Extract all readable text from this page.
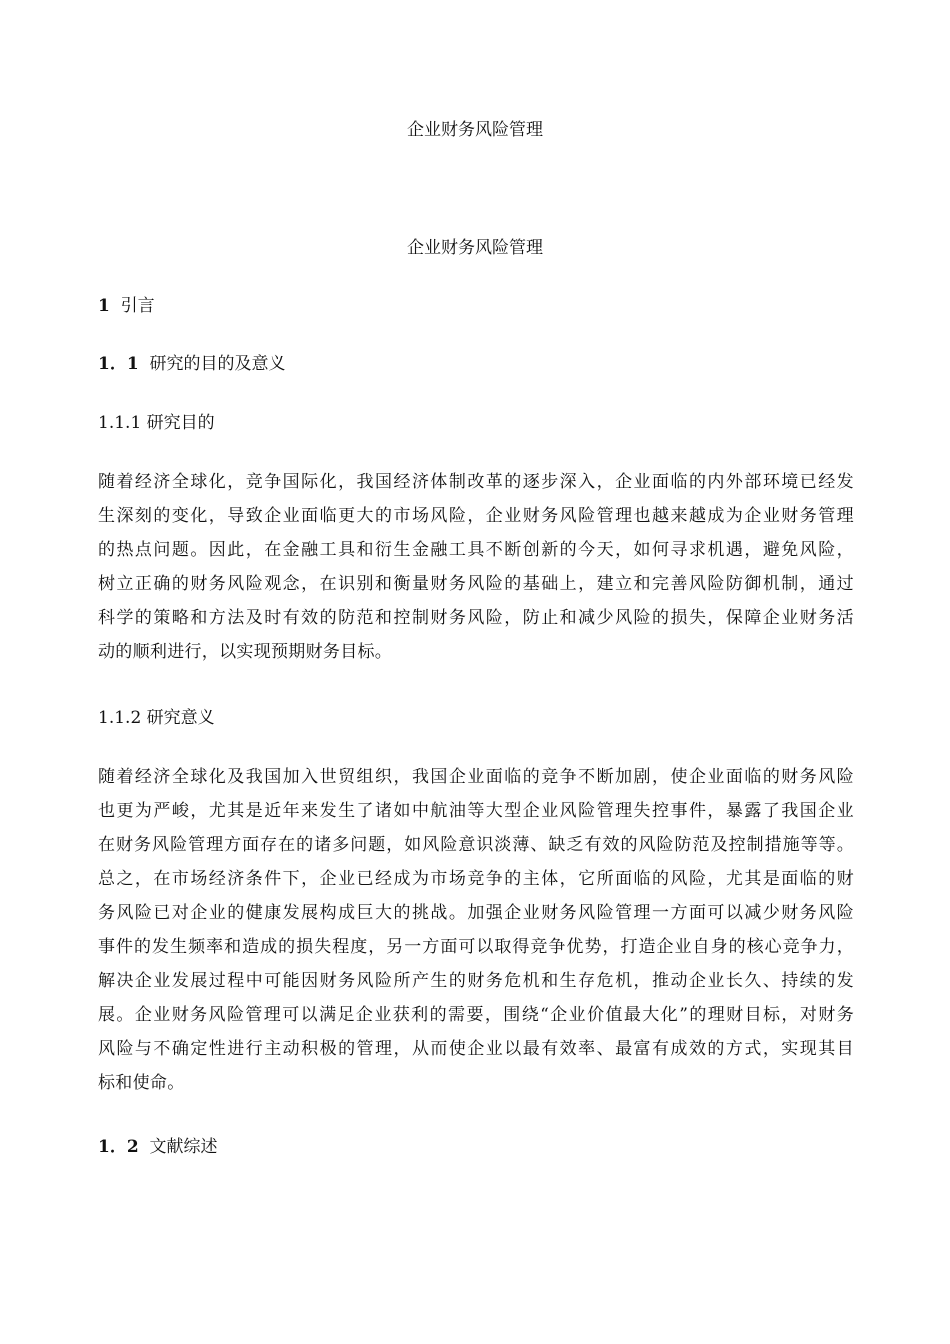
企业财务风险管理
企业财务风险管理
1 引言
1．1 研究的目的及意义
1.1.1 研究目的
随着经济全球化，竞争国际化，我国经济体制改革的逐步深入，企业面临的内外部环境已经发
生深刻的变化，导致企业面临更大的市场风险，企业财务风险管理也越来越成为企业财务管理
的热点问题。因此，在金融工具和衍生金融工具不断创新的今天，如何寻求机遇，避免风险，
树立正确的财务风险观念，在识别和衡量财务风险的基础上，建立和完善风险防御机制，通过
科学的策略和方法及时有效的防范和控制财务风险，防止和减少风险的损失，保障企业财务活
动的顺利进行，以实现预期财务目标。
1.1.2 研究意义
随着经济全球化及我国加入世贸组织，我国企业面临的竞争不断加剧，使企业面临的财务风险
也更为严峻，尤其是近年来发生了诸如中航油等大型企业风险管理失控事件，暴露了我国企业
在财务风险管理方面存在的诸多问题，如风险意识淡薄、缺乏有效的风险防范及控制措施等等。
总之，在市场经济条件下，企业已经成为市场竞争的主体，它所面临的风险，尤其是面临的财
务风险已对企业的健康发展构成巨大的挑战。加强企业财务风险管理一方面可以减少财务风险
事件的发生频率和造成的损失程度，另一方面可以取得竞争优势，打造企业自身的核心竞争力，
解决企业发展过程中可能因财务风险所产生的财务危机和生存危机，推动企业长久、持续的发
展。企业财务风险管理可以满足企业获利的需要，围绕“企业价值最大化”的理财目标，对财务
风险与不确定性进行主动积极的管理，从而使企业以最有效率、最富有成效的方式，实现其目
标和使命。
1．2 文献综述
